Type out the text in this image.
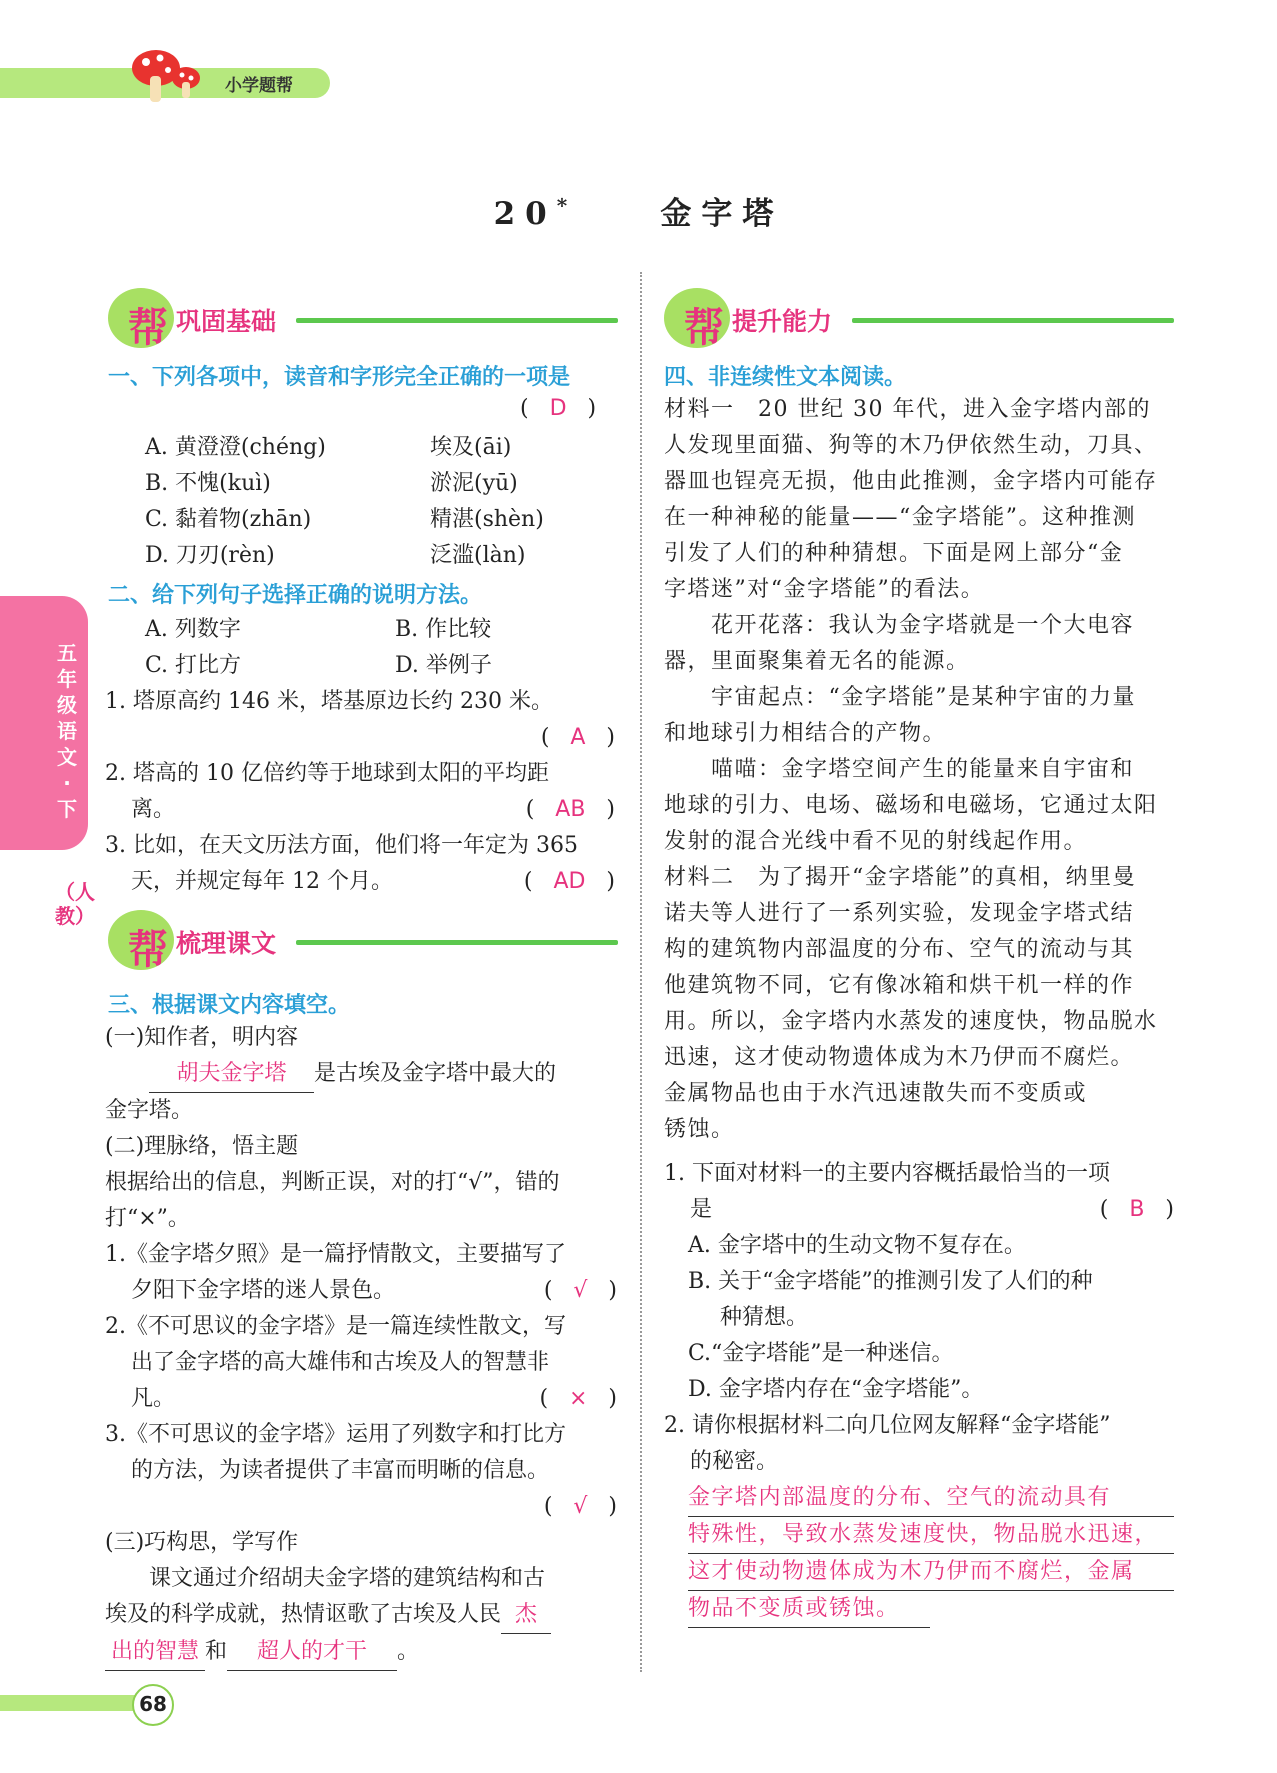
小学题帮
20*	金字塔
五年级语文·下
（人教）
帮 巩固基础
一、下列各项中，读音和字形完全正确的一项是
(   D   )
A. 黄澄澄(chéng)	埃及(āi)
B. 不愧(kuì)	淤泥(yū)
C. 黏着物(zhān)	精湛(shèn)
D. 刀刃(rèn)	泛滥(làn)
二、给下列句子选择正确的说明方法。
A. 列数字	B. 作比较
C. 打比方	D. 举例子
1. 塔原高约 146 米，塔基原边长约 230 米。
(   A   )
2. 塔高的 10 亿倍约等于地球到太阳的平均距
离。	(   AB   )
3. 比如，在天文历法方面，他们将一年定为 365
天，并规定每年 12 个月。	(   AD   )
帮 梳理课文
三、根据课文内容填空。
(一)知作者，明内容
胡夫金字塔 是古埃及金字塔中最大的
金字塔。
(二)理脉络，悟主题
根据给出的信息，判断正误，对的打“√”，错的
打“×”。
1.《金字塔夕照》是一篇抒情散文，主要描写了
夕阳下金字塔的迷人景色。	(   √   )
2.《不可思议的金字塔》是一篇连续性散文，写
出了金字塔的高大雄伟和古埃及人的智慧非
凡。	(   ×   )
3.《不可思议的金字塔》运用了列数字和打比方
的方法，为读者提供了丰富而明晰的信息。
(   √   )
(三)巧构思，学写作
课文通过介绍胡夫金字塔的建筑结构和古
埃及的科学成就，热情讴歌了古埃及人民 杰
出的智慧 和 超人的才干 。
帮 提升能力
四、非连续性文本阅读。
材料一　20 世纪 30 年代，进入金字塔内部的
人发现里面猫、狗等的木乃伊依然生动，刀具、
器皿也锃亮无损，他由此推测，金字塔内可能存
在一种神秘的能量——“金字塔能”。这种推测
引发了人们的种种猜想。下面是网上部分“金
字塔迷”对“金字塔能”的看法。
　　花开花落：我认为金字塔就是一个大电容
器，里面聚集着无名的能源。
　　宇宙起点：“金字塔能”是某种宇宙的力量
和地球引力相结合的产物。
　　喵喵：金字塔空间产生的能量来自宇宙和
地球的引力、电场、磁场和电磁场，它通过太阳
发射的混合光线中看不见的射线起作用。
材料二　为了揭开“金字塔能”的真相，纳里曼
诺夫等人进行了一系列实验，发现金字塔式结
构的建筑物内部温度的分布、空气的流动与其
他建筑物不同，它有像冰箱和烘干机一样的作
用。所以，金字塔内水蒸发的速度快，物品脱水
迅速，这才使动物遗体成为木乃伊而不腐烂。
金属物品也由于水汽迅速散失而不变质或
锈蚀。
1. 下面对材料一的主要内容概括最恰当的一项
是	(   B   )
A. 金字塔中的生动文物不复存在。
B. 关于“金字塔能”的推测引发了人们的种
种猜想。
C.“金字塔能”是一种迷信。
D. 金字塔内存在“金字塔能”。
2. 请你根据材料二向几位网友解释“金字塔能”
的秘密。
金字塔内部温度的分布、空气的流动具有
特殊性，导致水蒸发速度快，物品脱水迅速，
这才使动物遗体成为木乃伊而不腐烂，金属
物品不变质或锈蚀。
68
